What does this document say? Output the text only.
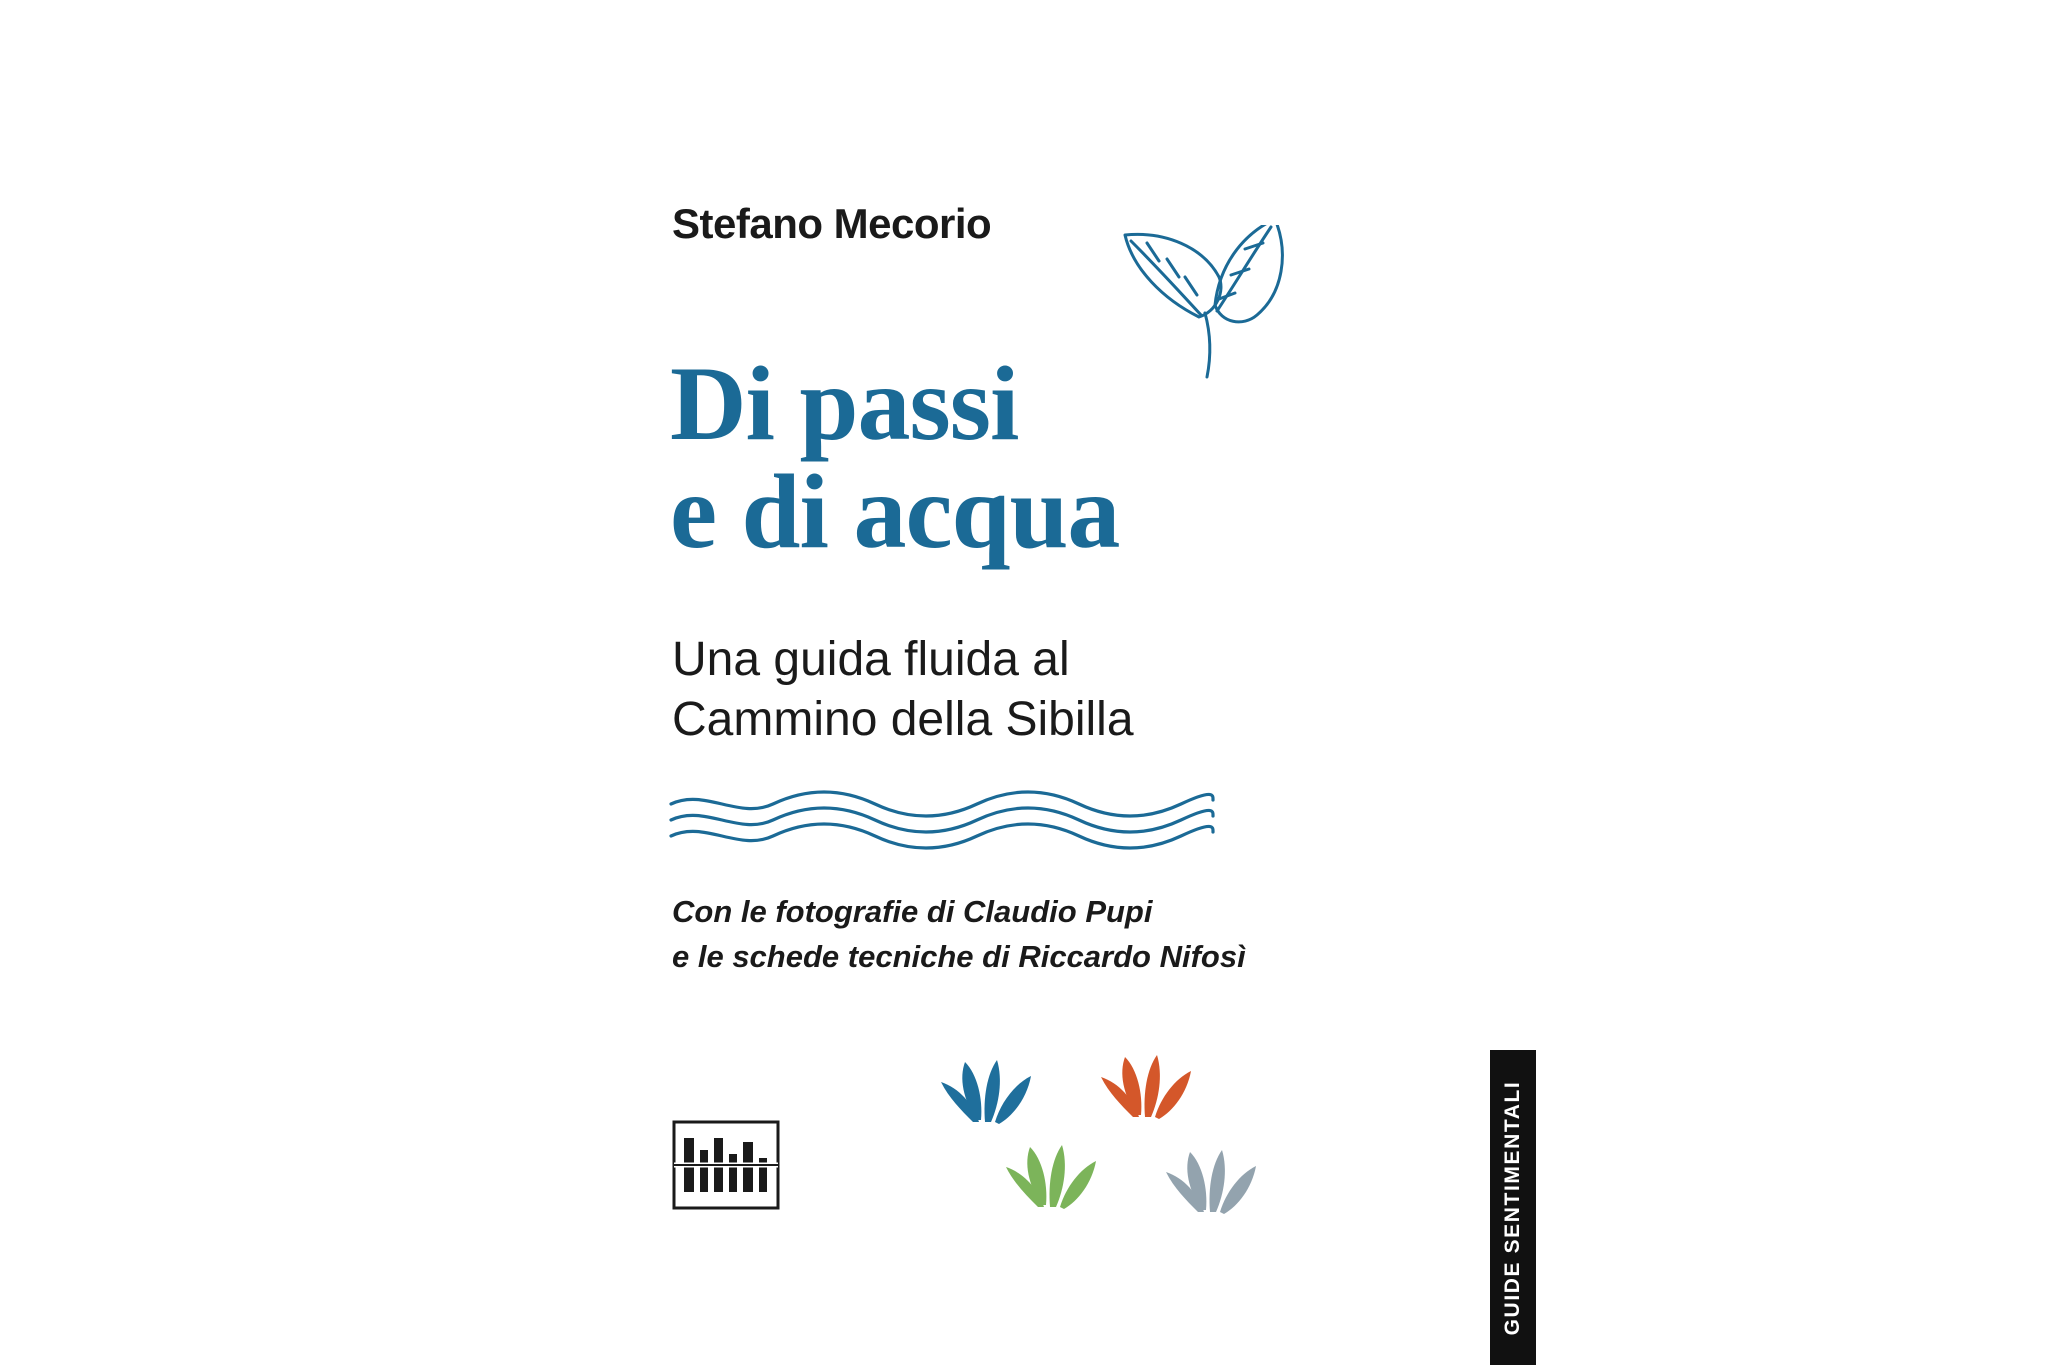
Stefano Mecorio
Di passi
e di acqua
Una guida fluida al
Cammino della Sibilla
Con le fotografie di Claudio Pupi
e le schede tecniche di Riccardo Nifosì
GUIDE SENTIMENTALI
